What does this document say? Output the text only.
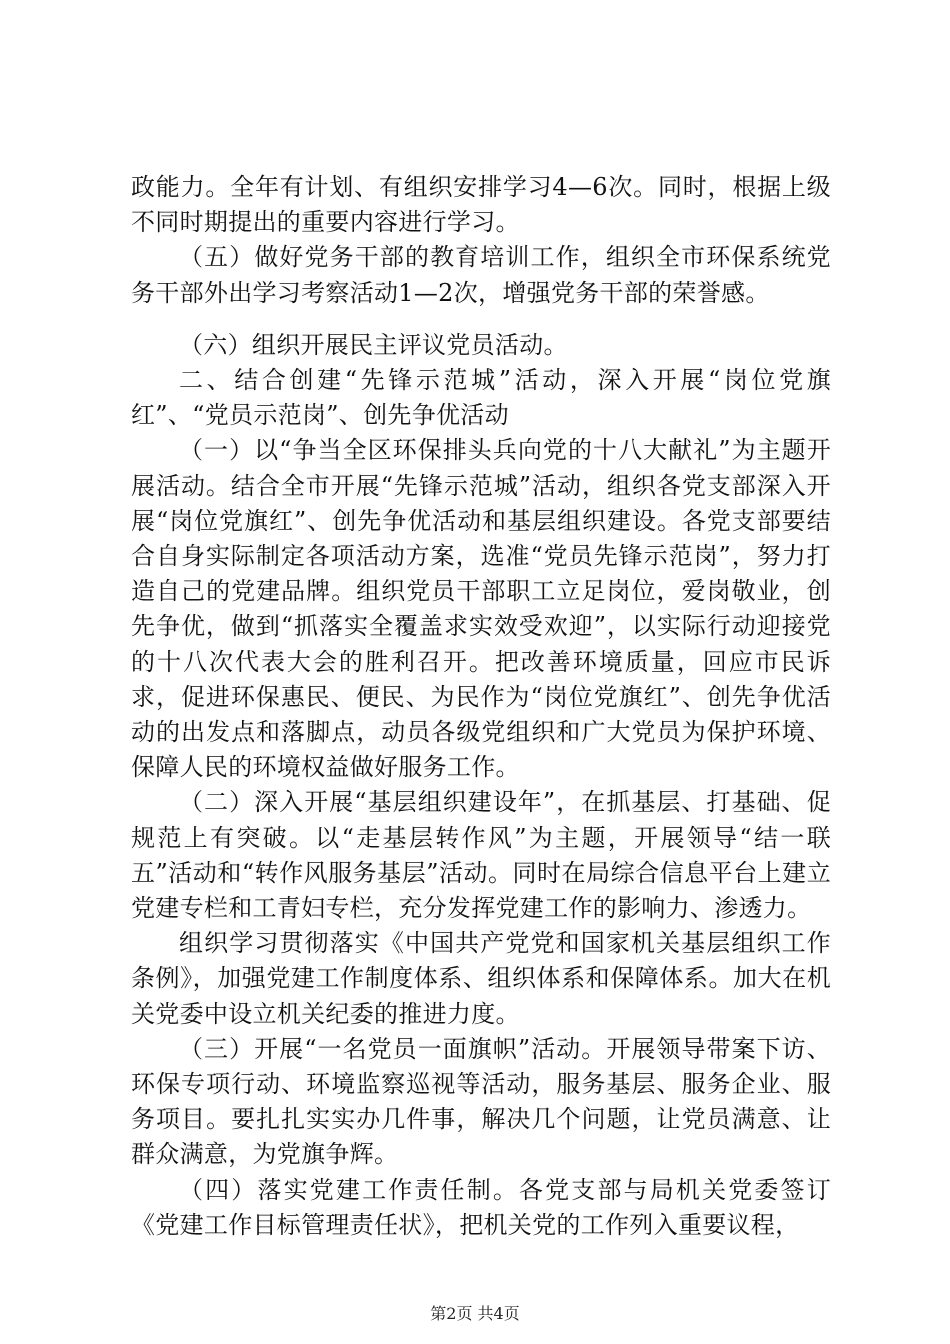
政能力。全年有计划、有组织安排学习4—6次。同时，根据上级不同时期提出的重要内容进行学习。

（五）做好党务干部的教育培训工作，组织全市环保系统党务干部外出学习考察活动1—2次，增强党务干部的荣誉感。

（六）组织开展民主评议党员活动。

二、结合创建“先锋示范城”活动，深入开展“岗位党旗红”、“党员示范岗”、创先争优活动

（一）以“争当全区环保排头兵向党的十八大献礼”为主题开展活动。结合全市开展“先锋示范城”活动，组织各党支部深入开展“岗位党旗红”、创先争优活动和基层组织建设。各党支部要结合自身实际制定各项活动方案，选准“党员先锋示范岗”，努力打造自己的党建品牌。组织党员干部职工立足岗位，爱岗敬业，创先争优，做到“抓落实全覆盖求实效受欢迎”，以实际行动迎接党的十八次代表大会的胜利召开。把改善环境质量，回应市民诉求，促进环保惠民、便民、为民作为“岗位党旗红”、创先争优活动的出发点和落脚点，动员各级党组织和广大党员为保护环境、保障人民的环境权益做好服务工作。

（二）深入开展“基层组织建设年”，在抓基层、打基础、促规范上有突破。以“走基层转作风”为主题，开展领导“结一联五”活动和“转作风服务基层”活动。同时在局综合信息平台上建立党建专栏和工青妇专栏，充分发挥党建工作的影响力、渗透力。

组织学习贯彻落实《中国共产党党和国家机关基层组织工作条例》，加强党建工作制度体系、组织体系和保障体系。加大在机关党委中设立机关纪委的推进力度。

（三）开展“一名党员一面旗帜”活动。开展领导带案下访、环保专项行动、环境监察巡视等活动，服务基层、服务企业、服务项目。要扎扎实实办几件事，解决几个问题，让党员满意、让群众满意，为党旗争辉。

（四）落实党建工作责任制。各党支部与局机关党委签订《党建工作目标管理责任状》，把机关党的工作列入重要议程，

第2页 共4页
